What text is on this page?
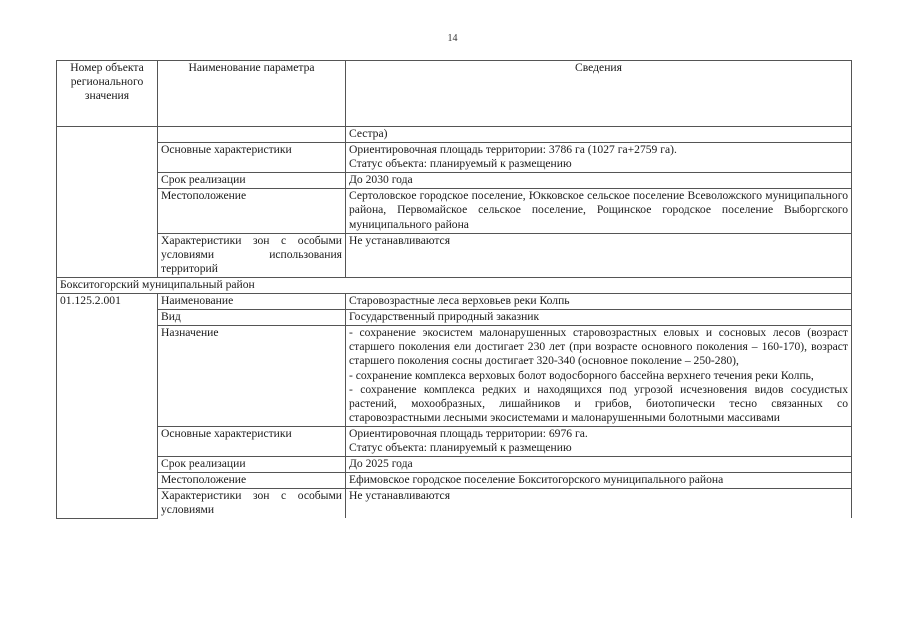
14
Номер объекта регионального значения	Наименование параметра	Сведения
		Сестра)
	Основные характеристики	Ориентировочная площадь территории: 3786 га (1027 га+2759 га).
Статус объекта: планируемый к размещению

	Срок реализации	До 2030 года
	Местоположение	Сертоловское городское поселение, Юкковское сельское поселение Всеволожского муниципального района, Первомайское сельское поселение, Рощинское городское поселение Выборгского муниципального района
	Характеристики зон с особыми условиями использования территорий	Не устанавливаются
Бокситогорский муниципальный район		
01.125.2.001	Наименование	Старовозрастные леса верховьев реки Колпь
	Вид	Государственный природный заказник
	Назначение	- сохранение экосистем малонарушенных старовозрастных еловых и сосновых лесов (возраст старшего поколения ели достигает 230 лет (при возрасте основного поколения – 160-170), возраст старшего поколения сосны достигает 320-340 (основное поколение – 250-280),
- сохранение комплекса верховых болот водосборного бассейна верхнего течения реки Колпь,
- сохранение комплекса редких и находящихся под угрозой исчезновения видов сосудистых растений, мохообразных, лишайников и грибов, биотопически тесно связанных со старовозрастными лесными экосистемами и малонарушенными болотными массивами

	Основные характеристики	Ориентировочная площадь территории: 6976 га.
Статус объекта: планируемый к размещению

	Срок реализации	До 2025 года
	Местоположение	Ефимовское городское поселение Бокситогорского муниципального района
	Характеристики зон с особыми условиями	Не устанавливаются
